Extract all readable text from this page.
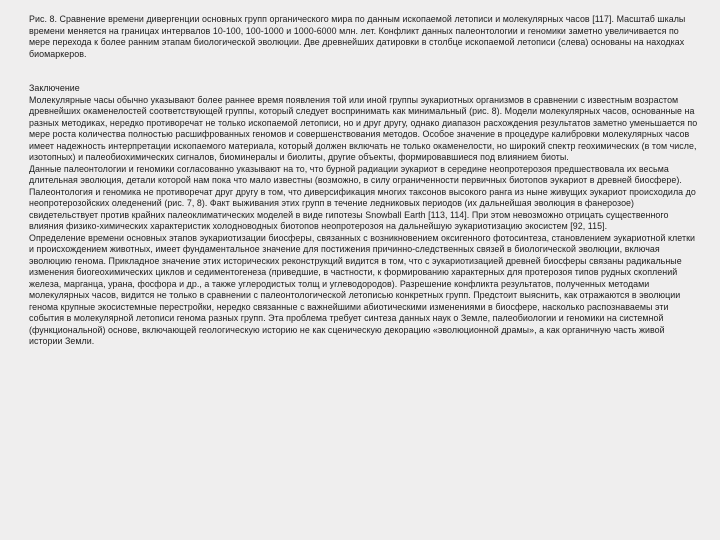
Рис. 8. Сравнение времени дивергенции основных групп органического мира по данным ископаемой летописи и молекулярных часов [117]. Масштаб шкалы времени меняется на границах интервалов 10-100, 100-1000 и 1000-6000 млн. лет. Конфликт данных палеонтологии и геномики заметно увеличивается по мере перехода к более ранним этапам биологической эволюции. Две древнейших датировки в столбце ископаемой летописи (слева) основаны на находках биомаркеров.

Заключение

Молекулярные часы обычно указывают более раннее время появления той или иной группы эукариотных организмов в сравнении с известным возрастом древнейших окаменелостей соответствующей группы, который следует воспринимать как минимальный (рис. 8). Модели молекулярных часов, основанные на разных методиках, нередко противоречат не только ископаемой летописи, но и друг другу, однако диапазон расхождения результатов заметно уменьшается по мере роста количества полностью расшифрованных геномов и совершенствования методов. Особое значение в процедуре калибровки молекулярных часов имеет надежность интерпретации ископаемого материала, который должен включать не только окаменелости, но широкий спектр геохимических (в том числе, изотопных) и палеобиохимических сигналов, биоминералы и биолиты, другие объекты, формировавшиеся под влиянием биоты.

Данные палеонтологии и геномики согласованно указывают на то, что бурной радиации эукариот в середине неопротерозоя предшествовала их весьма длительная эволюция, детали которой нам пока что мало известны (возможно, в силу ограниченности первичных биотопов эукариот в древней биосфере). Палеонтология и геномика не противоречат друг другу в том, что диверсификация многих таксонов высокого ранга из ныне живущих эукариот происходила до неопротерозойских оледенений (рис. 7, 8). Факт выживания этих групп в течение ледниковых периодов (их дальнейшая эволюция в фанерозое) свидетельствует против крайних палеоклиматических моделей в виде гипотезы Snowball Earth [113, 114]. При этом невозможно отрицать существенного влияния физико-химических характеристик холодноводных биотопов неопротерозоя на дальнейшую эукариотизацию экосистем [92, 115].

Определение времени основных этапов эукариотизации биосферы, связанных с возникновением оксигенного фотосинтеза, становлением эукариотной клетки и происхождением животных, имеет фундаментальное значение для постижения причинно-следственных связей в биологической эволюции, включая эволюцию генома. Прикладное значение этих исторических реконструкций видится в том, что с эукариотизацией древней биосферы связаны радикальные изменения биогеохимических циклов и седиментогенеза (приведшие, в частности, к формированию характерных для протерозоя типов рудных скоплений железа, марганца, урана, фосфора и др., а также углеродистых толщ и углеводородов). Разрешение конфликта результатов, полученных методами молекулярных часов, видится не только в сравнении с палеонтологической летописью конкретных групп. Предстоит выяснить, как отражаются в эволюции генома крупные экосистемные перестройки, нередко связанные с важнейшими абиотическими изменениями в биосфере, насколько распознаваемы эти события в молекулярной летописи генома разных групп. Эта проблема требует синтеза данных наук о Земле, палеобиологии и геномики на системной (функциональной) основе, включающей геологическую историю не как сценическую декорацию «эволюционной драмы», а как органичную часть живой истории Земли.
